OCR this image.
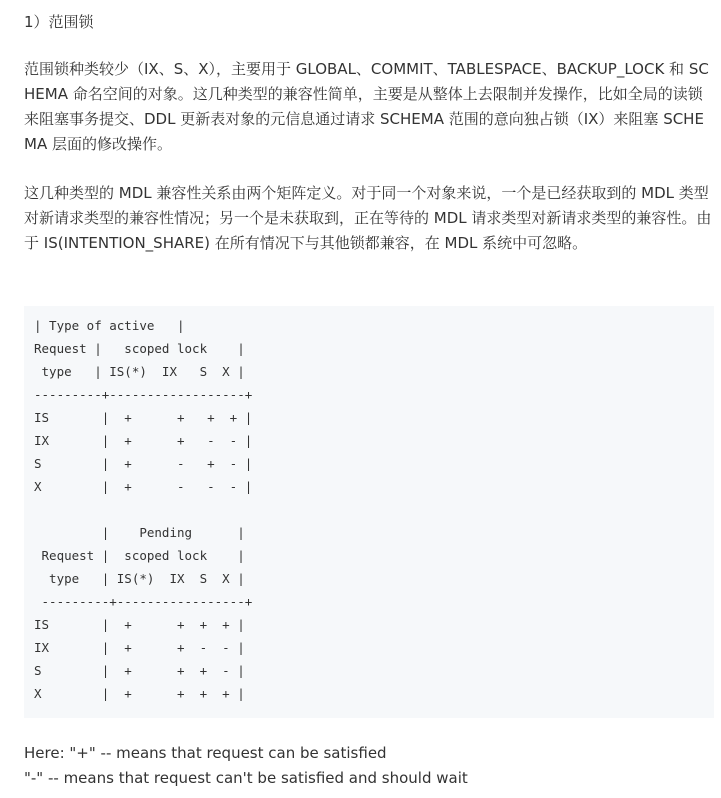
1）范围锁

范围锁种类较少（IX、S、X），主要用于 GLOBAL、COMMIT、TABLESPACE、BACKUP_LOCK 和 SCHEMA 命名空间的对象。这几种类型的兼容性简单，主要是从整体上去限制并发操作，比如全局的读锁来阻塞事务提交、DDL 更新表对象的元信息通过请求 SCHEMA 范围的意向独占锁（IX）来阻塞 SCHEMA 层面的修改操作。

这几种类型的 MDL 兼容性关系由两个矩阵定义。对于同一个对象来说，一个是已经获取到的 MDL 类型对新请求类型的兼容性情况；另一个是未获取到，正在等待的 MDL 请求类型对新请求类型的兼容性。由于 IS(INTENTION_SHARE) 在所有情况下与其他锁都兼容，在 MDL 系统中可忽略。

| Type of active   |
Request |   scoped lock    |
type   | IS(*)  IX   S  X |
---------+------------------+
IS       |  +      +   +  + |
IX       |  +      +   -  - |
S        |  +      -   +  - |
X        |  +      -   -  - |

|    Pending      |
Request |  scoped lock    |
type   | IS(*)  IX  S  X |
---------+-----------------+
IS       |  +      +  +  + |
IX       |  +      +  -  - |
S        |  +      +  +  - |
X        |  +      +  +  + |

Here: "+" -- means that request can be satisfied

"-" -- means that request can't be satisfied and should wait
